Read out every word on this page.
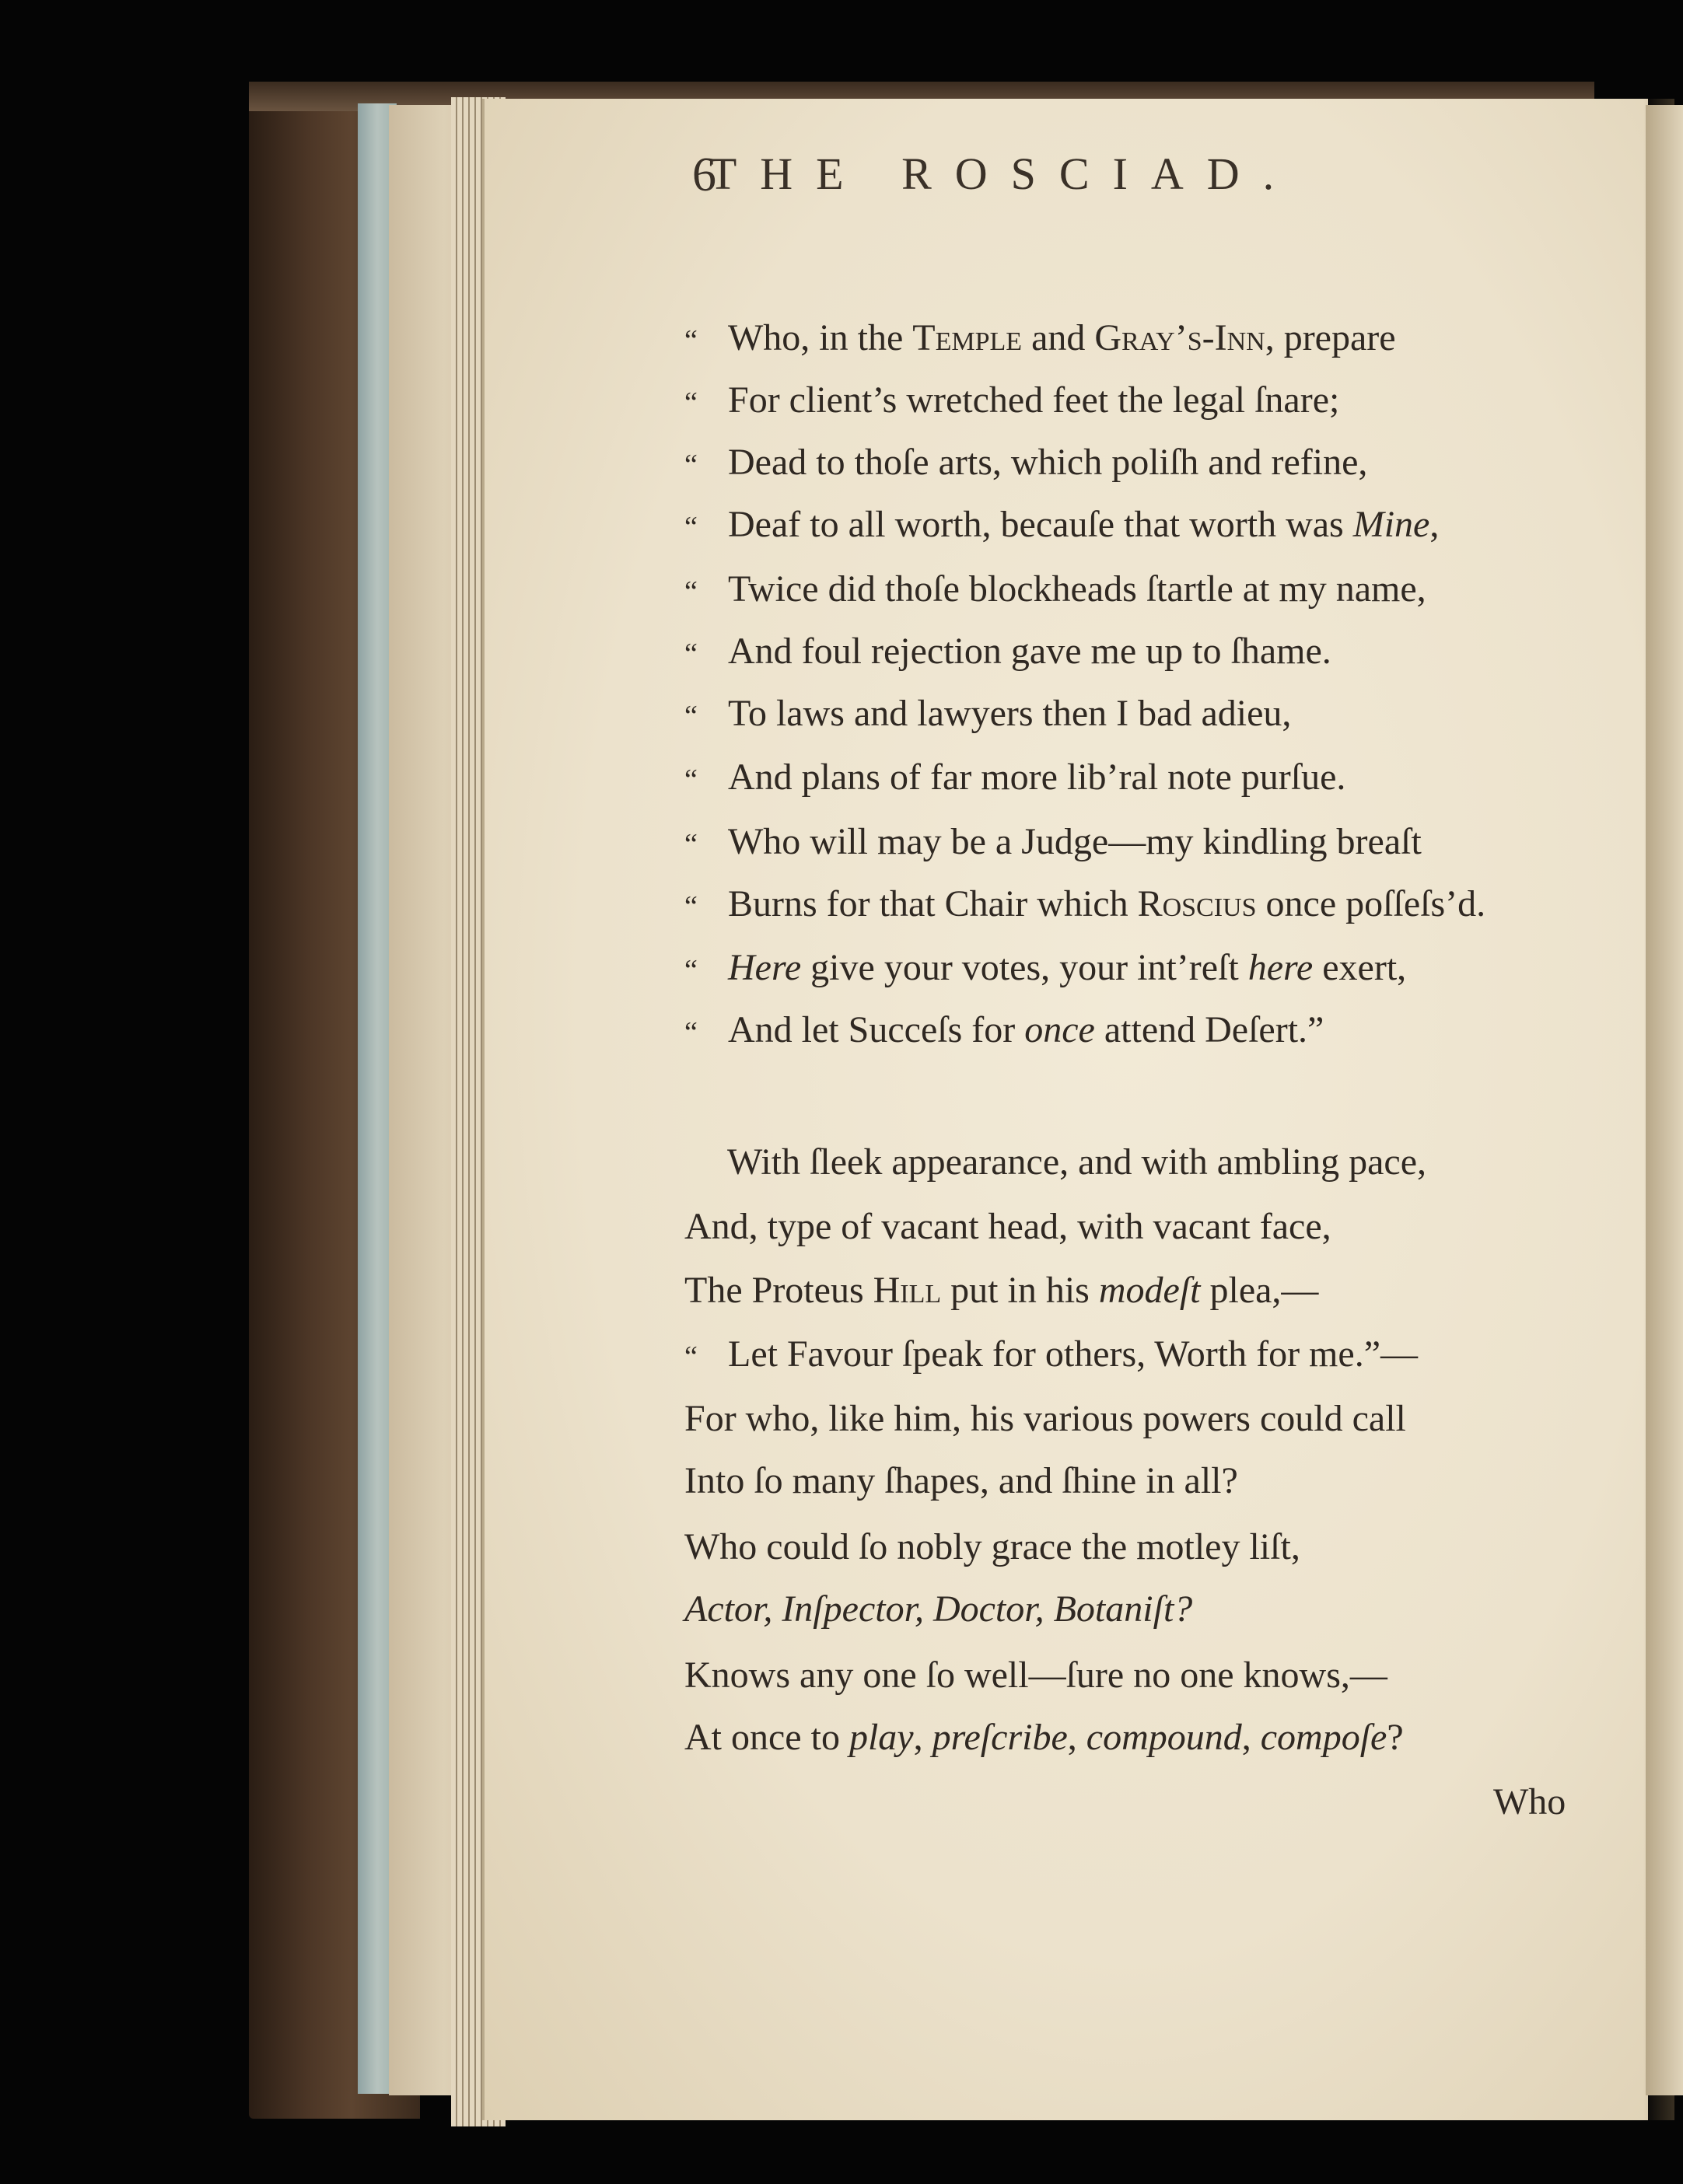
6
THE ROSCIAD.
“ Who, in the Temple and Gray’s-Inn, prepare
“ For client’s wretched feet the legal ſnare;
“ Dead to thoſe arts, which poliſh and refine,
“ Deaf to all worth, becauſe that worth was Mine,
“ Twice did thoſe blockheads ſtartle at my name,
“ And foul rejection gave me up to ſhame.
“ To laws and lawyers then I bad adieu,
“ And plans of far more lib’ral note purſue.
“ Who will may be a Judge—my kindling breaſt
“ Burns for that Chair which Roscius once poſſeſs’d.
“ Here give your votes, your int’reſt here exert,
“ And let Succeſs for once attend Deſert.”
With ſleek appearance, and with ambling pace,
And, type of vacant head, with vacant face,
The Proteus Hill put in his modeſt plea,—
“ Let Favour ſpeak for others, Worth for me.”—
For who, like him, his various powers could call
Into ſo many ſhapes, and ſhine in all?
Who could ſo nobly grace the motley liſt,
Actor, Inſpector, Doctor, Botaniſt?
Knows any one ſo well—ſure no one knows,—
At once to play, preſcribe, compound, compoſe?
Who
